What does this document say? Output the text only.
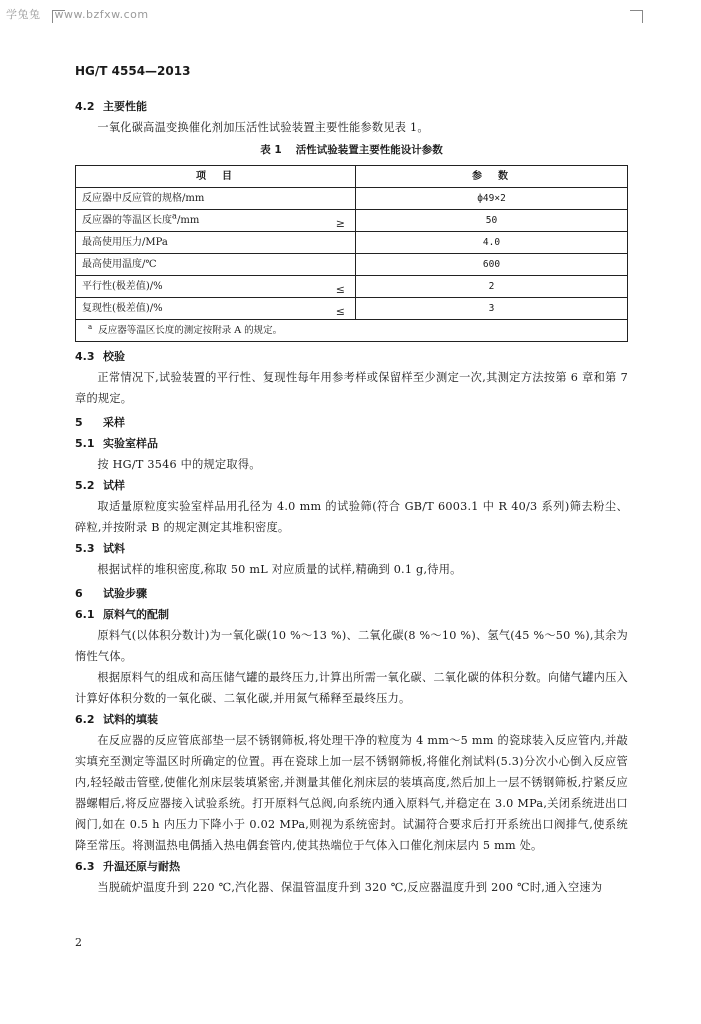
学兔兔 www.bzfxw.com
HG/T 4554—2013
4.2 主要性能
一氧化碳高温变换催化剂加压活性试验装置主要性能参数见表 1。
表 1 活性试验装置主要性能设计参数
项　目	参　数
反应器中反应管的规格/mm	ф49×2
反应器的等温区长度$^a$/mm ≥	50
最高使用压力/MPa	4.0
最高使用温度/℃	600
平行性(极差值)/% ≤	2
复现性(极差值)/% ≤	3
$^a$ 反应器等温区长度的测定按附录 A 的规定。	
4.3 校验
正常情况下,试验装置的平行性、复现性每年用参考样或保留样至少测定一次,其测定方法按第 6 章和第 7 章的规定。
5 采样
5.1 实验室样品
按 HG/T 3546 中的规定取得。
5.2 试样
取适量原粒度实验室样品用孔径为 4.0 mm 的试验筛(符合 GB/T 6003.1 中 R 40/3 系列)筛去粉尘、碎粒,并按附录 B 的规定测定其堆积密度。
5.3 试料
根据试样的堆积密度,称取 50 mL 对应质量的试样,精确到 0.1 g,待用。
6 试验步骤
6.1 原料气的配制
原料气(以体积分数计)为一氧化碳(10 %～13 %)、二氧化碳(8 %～10 %)、氢气(45 %～50 %),其余为惰性气体。
根据原料气的组成和高压储气罐的最终压力,计算出所需一氧化碳、二氧化碳的体积分数。向储气罐内压入计算好体积分数的一氧化碳、二氧化碳,并用氮气稀释至最终压力。
6.2 试料的填装
在反应器的反应管底部垫一层不锈钢筛板,将处理干净的粒度为 4 mm～5 mm 的瓷球装入反应管内,并敲实填充至测定等温区时所确定的位置。再在瓷球上加一层不锈钢筛板,将催化剂试料(5.3)分次小心倒入反应管内,轻轻敲击管壁,使催化剂床层装填紧密,并测量其催化剂床层的装填高度,然后加上一层不锈钢筛板,拧紧反应器螺帽后,将反应器接入试验系统。打开原料气总阀,向系统内通入原料气,并稳定在 3.0 MPa,关闭系统进出口阀门,如在 0.5 h 内压力下降小于 0.02 MPa,则视为系统密封。试漏符合要求后打开系统出口阀排气,使系统降至常压。将测温热电偶插入热电偶套管内,使其热端位于气体入口催化剂床层内 5 mm 处。
6.3 升温还原与耐热
当脱硫炉温度升到 220 ℃,汽化器、保温管温度升到 320 ℃,反应器温度升到 200 ℃时,通入空速为
2
